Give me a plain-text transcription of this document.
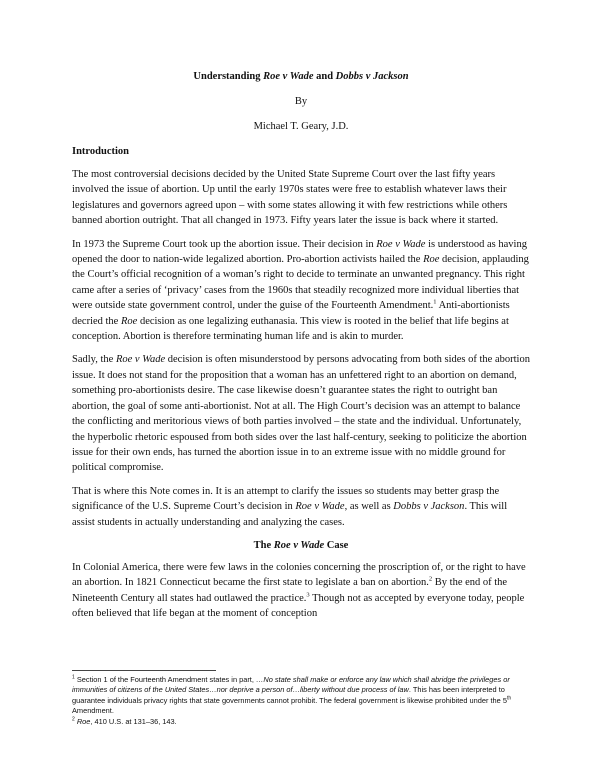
Understanding Roe v Wade and Dobbs v Jackson
By
Michael T. Geary, J.D.
Introduction

The most controversial decisions decided by the United State Supreme Court over the last fifty years involved the issue of abortion. Up until the early 1970s states were free to establish whatever laws their legislatures and governors agreed upon – with some states allowing it with few restrictions while others banned abortion outright. That all changed in 1973. Fifty years later the issue is back where it started.

In 1973 the Supreme Court took up the abortion issue. Their decision in Roe v Wade is understood as having opened the door to nation-wide legalized abortion. Pro-abortion activists hailed the Roe decision, applauding the Court’s official recognition of a woman’s right to decide to terminate an unwanted pregnancy. This right came after a series of ‘privacy’ cases from the 1960s that steadily recognized more individual liberties that were outside state government control, under the guise of the Fourteenth Amendment.$^1$ Anti-abortionists decried the Roe decision as one legalizing euthanasia. This view is rooted in the belief that life begins at conception. Abortion is therefore terminating human life and is akin to murder.

Sadly, the Roe v Wade decision is often misunderstood by persons advocating from both sides of the abortion issue. It does not stand for the proposition that a woman has an unfettered right to an abortion on demand, something pro-abortionists desire. The case likewise doesn’t guarantee states the right to outright ban abortion, the goal of some anti-abortionist. Not at all. The High Court’s decision was an attempt to balance the conflicting and meritorious views of both parties involved – the state and the individual. Unfortunately, the hyperbolic rhetoric espoused from both sides over the last half-century, seeking to politicize the abortion issue for their own ends, has turned the abortion issue in to an extreme issue with no middle ground for political compromise.

That is where this Note comes in. It is an attempt to clarify the issues so students may better grasp the significance of the U.S. Supreme Court’s decision in Roe v Wade, as well as Dobbs v Jackson. This will assist students in actually understanding and analyzing the cases.

The Roe v Wade Case

In Colonial America, there were few laws in the colonies concerning the proscription of, or the right to have an abortion. In 1821 Connecticut became the first state to legislate a ban on abortion.$^2$ By the end of the Nineteenth Century all states had outlawed the practice.$^3$ Though not as accepted by everyone today, people often believed that life began at the moment of conception

$^1$ Section 1 of the Fourteenth Amendment states in part, …No state shall make or enforce any law which shall abridge the privileges or immunities of citizens of the United States…nor deprive a person of…liberty without due process of law. This has been interpreted to guarantee individuals privacy rights that state governments cannot prohibit. The federal government is likewise prohibited under the 5th Amendment.

$^2$ Roe, 410 U.S. at 131–36, 143.
